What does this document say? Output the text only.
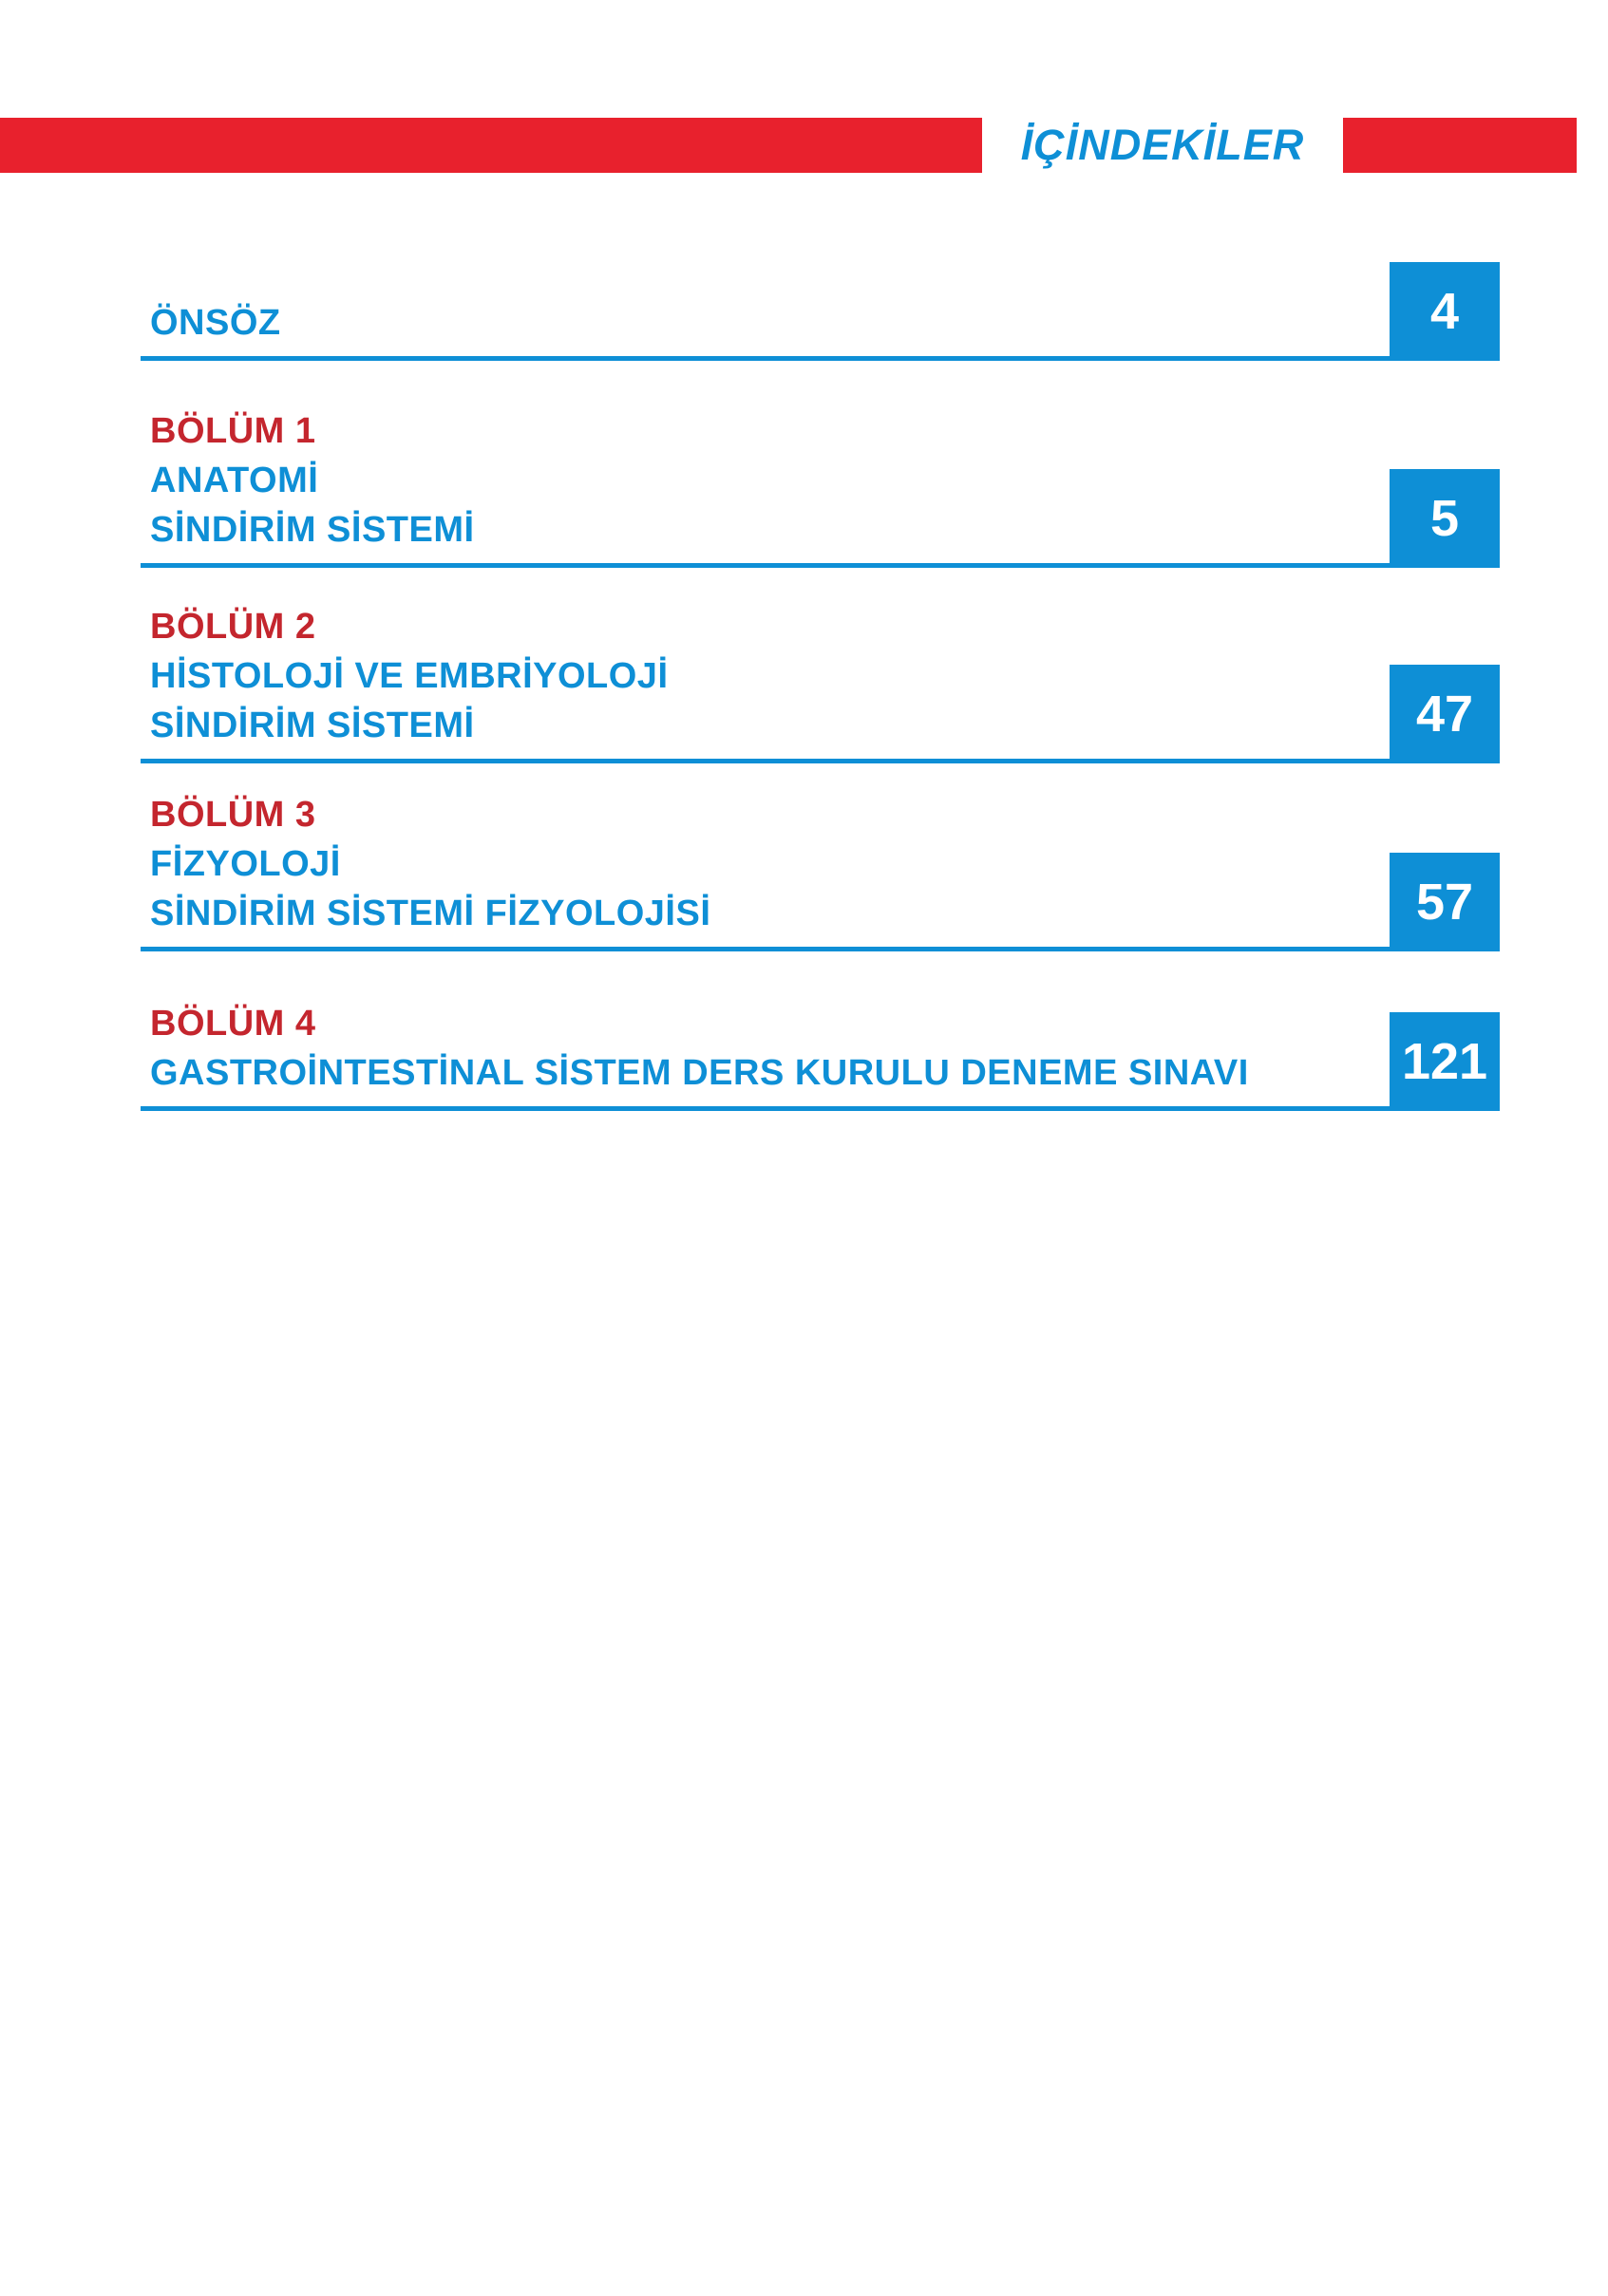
İÇİNDEKİLER
ÖNSÖZ	4
BÖLÜM 1
ANATOMİ
SİNDİRİM SİSTEMİ	5
BÖLÜM 2
HİSTOLOJİ VE EMBRİYOLOJİ
SİNDİRİM SİSTEMİ	47
BÖLÜM 3
FİZYOLOJİ
SİNDİRİM SİSTEMİ FİZYOLOJİSİ	57
BÖLÜM 4
GASTROİNTESTİNAL SİSTEM DERS KURULU DENEME SINAVI	121
